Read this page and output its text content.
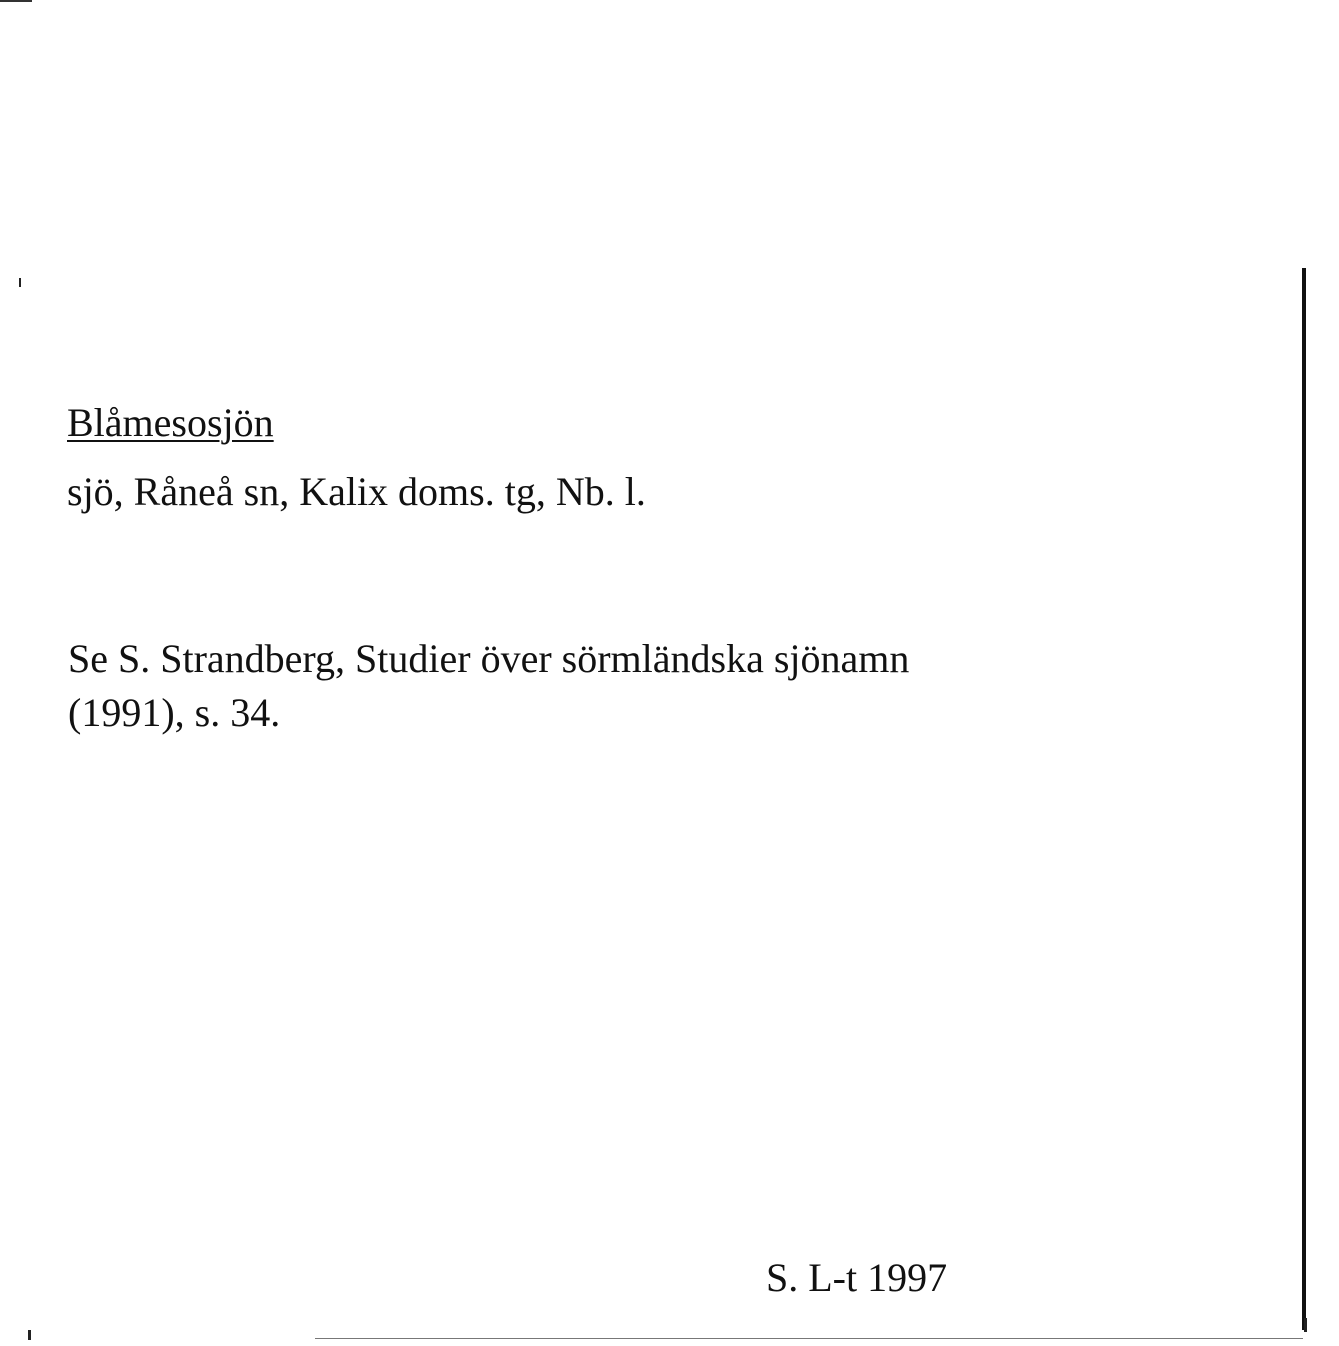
Blåmesosjön
sjö, Råneå sn, Kalix doms. tg, Nb. l.
Se S. Strandberg, Studier över sörmländska sjönamn
(1991), s. 34.
S. L-t 1997
